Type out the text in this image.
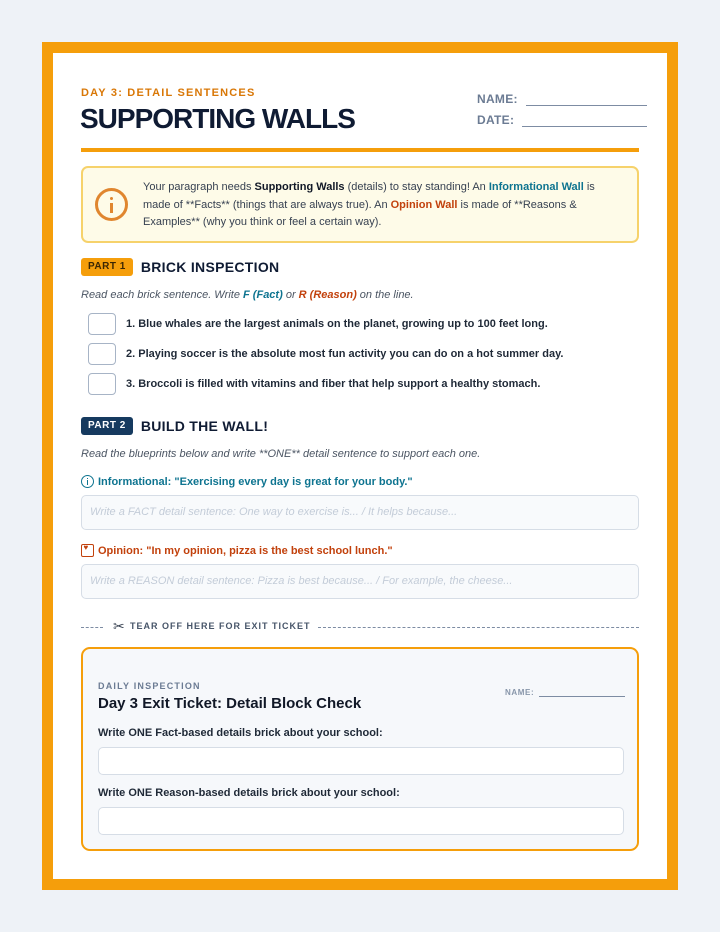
DAY 3: DETAIL SENTENCES
SUPPORTING WALLS
NAME:
DATE:
Your paragraph needs Supporting Walls (details) to stay standing! An Informational Wall is made of **Facts** (things that are always true). An Opinion Wall is made of **Reasons & Examples** (why you think or feel a certain way).
PART 1	BRICK INSPECTION
Read each brick sentence. Write F (Fact) or R (Reason) on the line.
1. Blue whales are the largest animals on the planet, growing up to 100 feet long.
2. Playing soccer is the absolute most fun activity you can do on a hot summer day.
3. Broccoli is filled with vitamins and fiber that help support a healthy stomach.
PART 2	BUILD THE WALL!
Read the blueprints below and write **ONE** detail sentence to support each one.
Informational: "Exercising every day is great for your body."
Write a FACT detail sentence: One way to exercise is... / It helps because...
♥
Opinion: "In my opinion, pizza is the best school lunch."
Write a REASON detail sentence: Pizza is best because... / For example, the cheese...
✂ TEAR OFF HERE FOR EXIT TICKET
DAILY INSPECTION
Day 3 Exit Ticket: Detail Block Check
NAME:
Write ONE Fact-based details brick about your school:
Write ONE Reason-based details brick about your school:
